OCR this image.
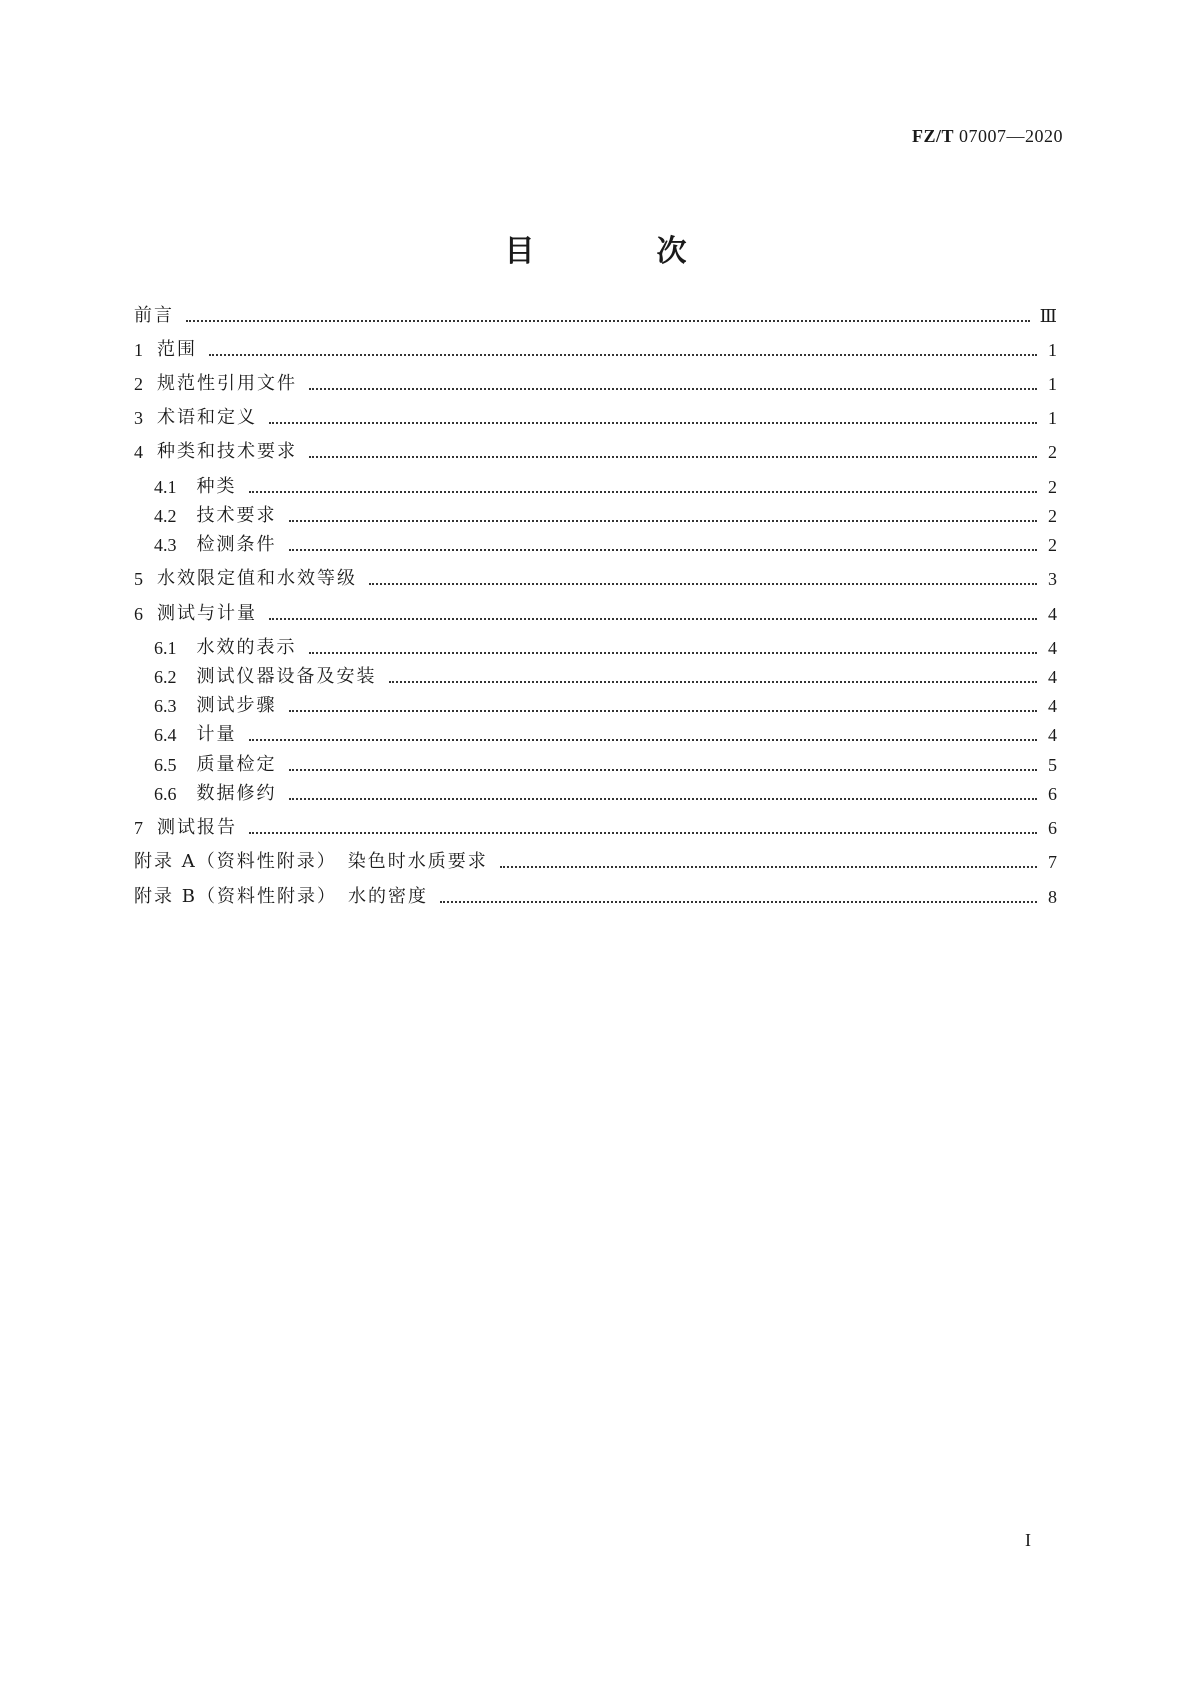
FZ/T 07007—2020
目　次
前言	Ⅲ
1 范围	1
2 规范性引用文件	1
3 术语和定义	1
4 种类和技术要求	2
4.1 种类	2
4.2 技术要求	2
4.3 检测条件	2
5 水效限定值和水效等级	3
6 测试与计量	4
6.1 水效的表示	4
6.2 测试仪器设备及安装	4
6.3 测试步骤	4
6.4 计量	4
6.5 质量检定	5
6.6 数据修约	6
7 测试报告	6
附录 A（资料性附录）　染色时水质要求	7
附录 B（资料性附录）　水的密度	8
I
